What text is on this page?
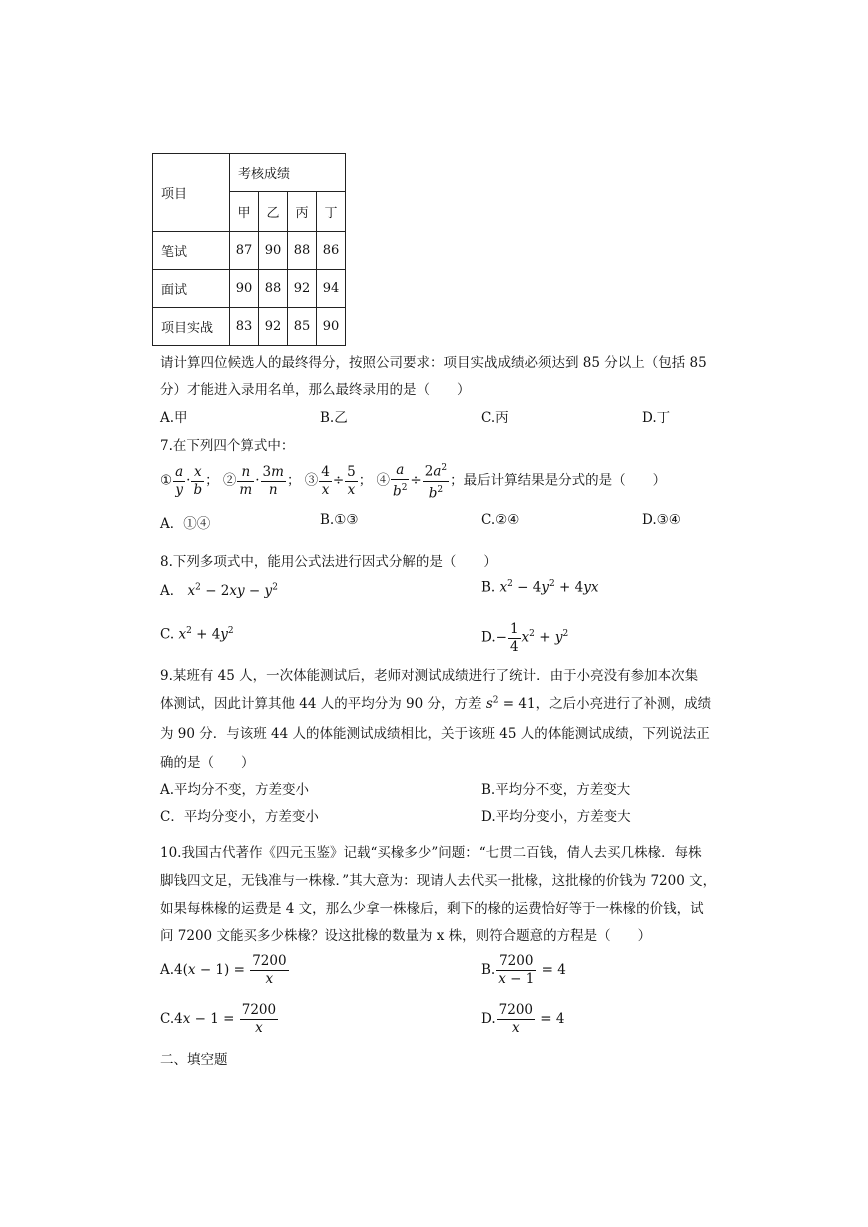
项目	考核成绩			
	甲	乙	丙	丁
笔试	87	90	88	86
面试	90	88	92	94
项目实战	83	92	85	90
请计算四位候选人的最终得分，按照公司要求：项目实战成绩必须达到 85 分以上（包括 85
分）才能进入录用名单，那么最终录用的是（　　）
A.甲	B.乙	C.丙	D.丁
7.在下列四个算式中：
① $\frac{a}{y} \cdot \frac{x}{b}$ ； ② $\frac{n}{m} \cdot \frac{3m}{n}$ ； ③ $\frac{4}{x} \div \frac{5}{x}$ ； ④ $\frac{a}{b^2} \div \frac{2a^2}{b^2}$ ；最后计算结果是分式的是（　　）
A．①④	B.①③	C.②④	D.③④
8.下列多项式中，能用公式法进行因式分解的是（　　）
A． $x^2 - 2xy - y^2$	B. $x^2 - 4y^2 + 4yx$
C. $x^2 + 4y^2$	$D.- \frac{1}{4} x^2 + y^2$
9.某班有 45 人，一次体能测试后，老师对测试成绩进行了统计．由于小亮没有参加本次集
体测试，因此计算其他 44 人的平均分为 90 分，方差 $s^2 = 41$，之后小亮进行了补测，成绩
为 90 分．与该班 44 人的体能测试成绩相比，关于该班 45 人的体能测试成绩，下列说法正
确的是（　　）
A.平均分不变，方差变小	B.平均分不变，方差变大
C．平均分变小，方差变小	D.平均分变小，方差变大
10.我国古代著作《四元玉鉴》记载“买椽多少”问题：“七贯二百钱，倩人去买几株椽．每株
脚钱四文足，无钱准与一株椽．”其大意为：现请人去代买一批椽，这批椽的价钱为 7200 文，
如果每株椽的运费是 4 文，那么少拿一株椽后，剩下的椽的运费恰好等于一株椽的价钱，试
问 7200 文能买多少株椽？设这批椽的数量为 x 株，则符合题意的方程是（　　）
$A.4(x - 1) = \frac{7200}{x}$	B. $\frac{7200}{x - 1} = 4$
$C.4x - 1 = \frac{7200}{x}$	D. $\frac{7200}{x} = 4$
二、填空题
